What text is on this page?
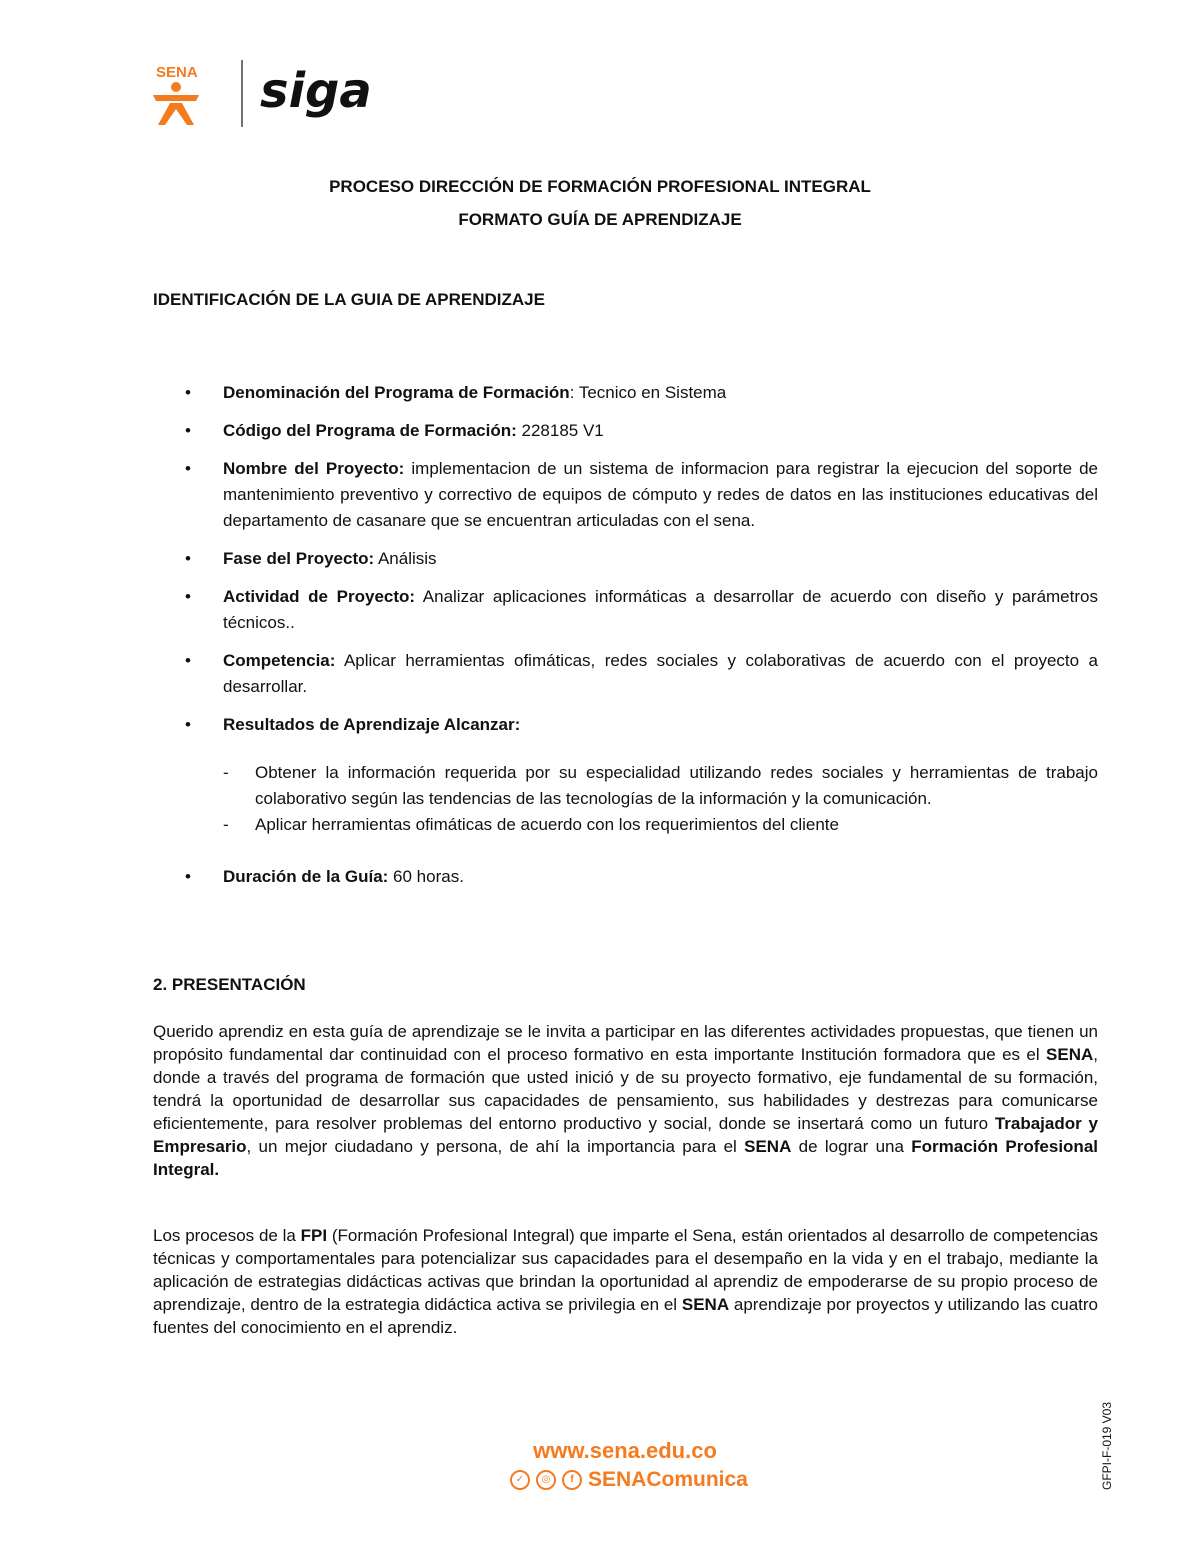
SENA siga
PROCESO DIRECCIÓN DE FORMACIÓN PROFESIONAL INTEGRAL
FORMATO GUÍA DE APRENDIZAJE
IDENTIFICACIÓN DE LA GUIA DE APRENDIZAJE
• Denominación del Programa de Formación: Tecnico en Sistema
• Código del Programa de Formación: 228185 V1
• Nombre del Proyecto: implementacion de un sistema de informacion para registrar la ejecucion del soporte de mantenimiento preventivo y correctivo de equipos de cómputo y redes de datos en las instituciones educativas del departamento de casanare que se encuentran articuladas con el sena.
• Fase del Proyecto: Análisis
• Actividad de Proyecto: Analizar aplicaciones informáticas a desarrollar de acuerdo con diseño y parámetros técnicos..
• Competencia: Aplicar herramientas ofimáticas, redes sociales y colaborativas de acuerdo con el proyecto a desarrollar.
• Resultados de Aprendizaje Alcanzar:
- Obtener la información requerida por su especialidad utilizando redes sociales y herramientas de trabajo colaborativo según las tendencias de las tecnologías de la información y la comunicación.
- Aplicar herramientas ofimáticas de acuerdo con los requerimientos del cliente
• Duración de la Guía: 60 horas.
2. PRESENTACIÓN
Querido aprendiz en esta guía de aprendizaje se le invita a participar en las diferentes actividades propuestas, que tienen un propósito fundamental dar continuidad con el proceso formativo en esta importante Institución formadora que es el SENA, donde a través del programa de formación que usted inició y de su proyecto formativo, eje fundamental de su formación, tendrá la oportunidad de desarrollar sus capacidades de pensamiento, sus habilidades y destrezas para comunicarse eficientemente, para resolver problemas del entorno productivo y social, donde se insertará como un futuro Trabajador y Empresario, un mejor ciudadano y persona, de ahí la importancia para el SENA de lograr una Formación Profesional Integral.
Los procesos de la FPI (Formación Profesional Integral) que imparte el Sena, están orientados al desarrollo de competencias técnicas y comportamentales para potencializar sus capacidades para el desempaño en la vida y en el trabajo, mediante la aplicación de estrategias didácticas activas que brindan la oportunidad al aprendiz de empoderarse de su propio proceso de aprendizaje, dentro de la estrategia didáctica activa se privilegia en el SENA aprendizaje por proyectos y utilizando las cuatro fuentes del conocimiento en el aprendiz.
www.sena.edu.co
✓	◎	f SENAComunica	GFPI-F-019 V03
